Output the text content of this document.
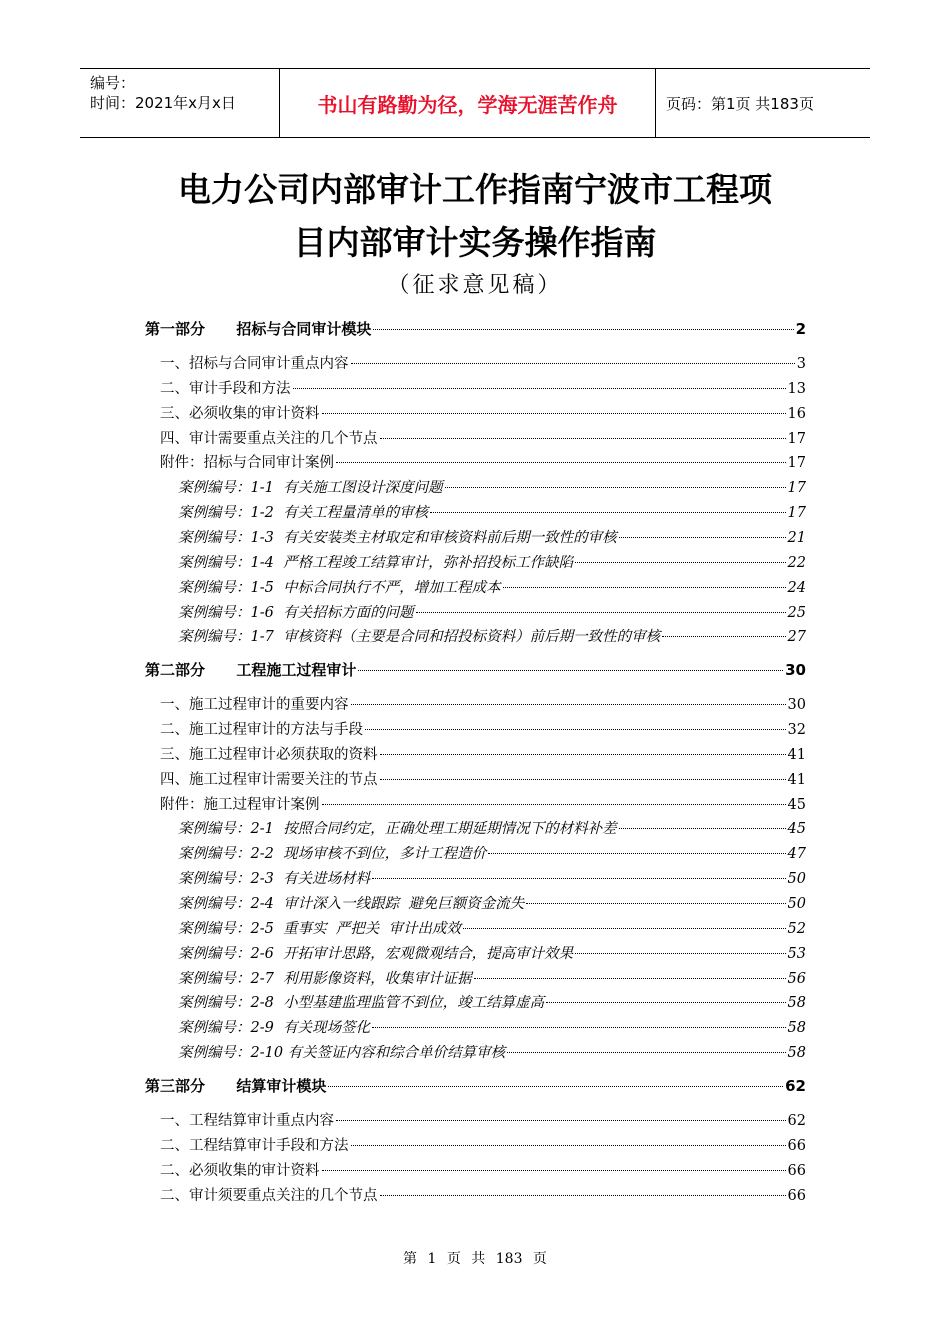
编号：
时间：2021年x月x日	书山有路勤为径，学海无涯苦作舟	页码：第1页 共183页
电力公司内部审计工作指南宁波市工程项
目内部审计实务操作指南
（征求意见稿）
第一部分      招标与合同审计模块	2
一、招标与合同审计重点内容	3
二、审计手段和方法	13
三、必须收集的审计资料	16
四、审计需要重点关注的几个节点	17
附件：招标与合同审计案例	17
案例编号：1-1  有关施工图设计深度问题	17
案例编号：1-2  有关工程量清单的审核	17
案例编号：1-3  有关安装类主材取定和审核资料前后期一致性的审核	21
案例编号：1-4  严格工程竣工结算审计，弥补招投标工作缺陷	22
案例编号：1-5  中标合同执行不严，增加工程成本	24
案例编号：1-6  有关招标方面的问题	25
案例编号：1-7  审核资料（主要是合同和招投标资料）前后期一致性的审核	27
第二部分      工程施工过程审计	30
一、施工过程审计的重要内容	30
二、施工过程审计的方法与手段	32
三、施工过程审计必须获取的资料	41
四、施工过程审计需要关注的节点	41
附件：施工过程审计案例	45
案例编号：2-1  按照合同约定，正确处理工期延期情况下的材料补差	45
案例编号：2-2  现场审核不到位，多计工程造价	47
案例编号：2-3  有关进场材料	50
案例编号：2-4  审计深入一线跟踪  避免巨额资金流失	50
案例编号：2-5  重事实  严把关  审计出成效	52
案例编号：2-6  开拓审计思路，宏观微观结合，提高审计效果	53
案例编号：2-7  利用影像资料，收集审计证据	56
案例编号：2-8  小型基建监理监管不到位，竣工结算虚高	58
案例编号：2-9  有关现场签化	58
案例编号：2-10 有关签证内容和综合单价结算审核	58
第三部分      结算审计模块	62
一、工程结算审计重点内容	62
二、工程结算审计手段和方法	66
二、必须收集的审计资料	66
二、审计须要重点关注的几个节点	66
第 1 页 共 183 页
